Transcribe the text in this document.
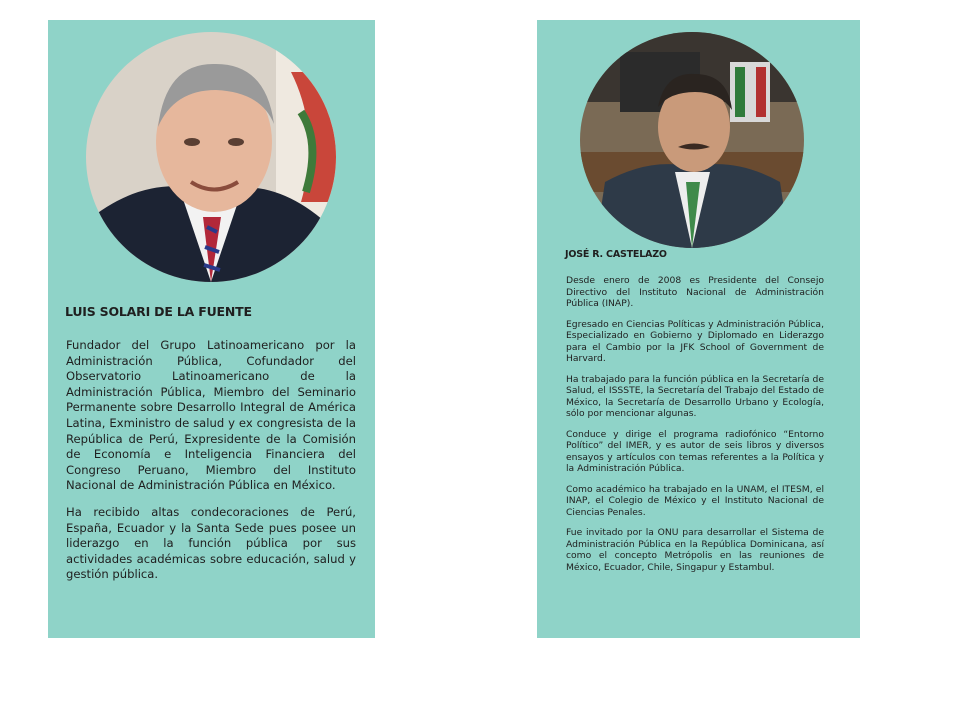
LUIS SOLARI DE LA FUENTE

Fundador del Grupo Latinoamericano por la Administración Pública, Cofundador del Observatorio Latinoamericano de la Administración Pública, Miembro del Seminario Permanente sobre Desarrollo Integral de América Latina, Exministro de salud y ex congresista de la República de Perú, Expresidente de la Comisión de Economía e Inteligencia Financiera del Congreso Peruano, Miembro del Instituto Nacional de Administración Pública en México.

Ha recibido altas condecoraciones de Perú, España, Ecuador y la Santa Sede pues posee un liderazgo en la función pública por sus actividades académicas sobre educación, salud y gestión pública.

JOSÉ R. CASTELAZO

Desde enero de 2008 es Presidente del Consejo Directivo del Instituto Nacional de Administración Pública (INAP).

Egresado en Ciencias Políticas y Administración Pública, Especializado en Gobierno y Diplomado en Liderazgo para el Cambio por la JFK School of Government de Harvard.

Ha trabajado para la función pública en la Secretaría de Salud, el ISSSTE, la Secretaría del Trabajo del Estado de México, la Secretaría de Desarrollo Urbano y Ecología, sólo por mencionar algunas.

Conduce y dirige el programa radiofónico “Entorno Político” del IMER, y es autor de seis libros y diversos ensayos y artículos con temas referentes a la Política y la Administración Pública.

Como académico ha trabajado en la UNAM, el ITESM, el INAP, el Colegio de México y el Instituto Nacional de Ciencias Penales.

Fue invitado por la ONU para desarrollar el Sistema de Administración Pública en la República Dominicana, así como el concepto Metrópolis en las reuniones de México, Ecuador, Chile, Singapur y Estambul.
